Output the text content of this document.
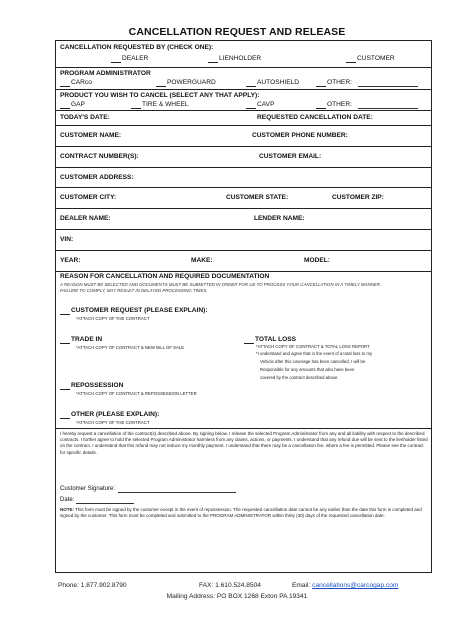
CANCELLATION REQUEST AND RELEASE
CANCELLATION REQUESTED BY (CHECK ONE):
DEALER	LIENHOLDER	CUSTOMER
PROGRAM ADMINISTRATOR
CARco	POWERGUARD	AUTOSHIELD	OTHER:
PRODUCT YOU WISH TO CANCEL (SELECT ANY THAT APPLY):
GAP	TIRE & WHEEL	CAVP	OTHER:
TODAY'S DATE:	REQUESTED CANCELLATION DATE:
CUSTOMER NAME:	CUSTOMER PHONE NUMBER:
CONTRACT NUMBER(S):	CUSTOMER EMAIL:
CUSTOMER ADDRESS:
CUSTOMER CITY:	CUSTOMER STATE:	CUSTOMER ZIP:
DEALER NAME:	LENDER NAME:
VIN:
YEAR:	MAKE:	MODEL:
REASON FOR CANCELLATION AND REQUIRED DOCUMENTATION
A REASON MUST BE SELECTED AND DOCUMENTS MUST BE SUBMITTED IN ORDER FOR US TO PROCESS YOUR CANCELLATION IN A TIMELY MANNER.
FAILURE TO COMPLY, MAY RESULT IN DELAYED PROCESSING TIMES.
CUSTOMER REQUEST (PLEASE EXPLAIN):
*ATTACH COPY OF THE CONTRACT
TRADE IN
*ATTACH COPY OF CONTRACT & NEW BILL OF SALE
TOTAL LOSS
*ATTACH COPY OF CONTRACT & TOTAL LOSS REPORT
*I understand and agree that in the event of a total loss to my
Vehicle after this coverage has been cancelled, I will be
Responsible for any amounts that also have been
covered by the contract described above.
REPOSSESSION
*ATTACH COPY OF CONTRACT & REPOSSESSION LETTER
OTHER (PLEASE EXPLAIN):
*ATTACH COPY OF THE CONTRACT
I hereby request a cancellation of the contract(s) described above. By signing below, I release the selected Program Administrator from any and all liability with respect to the described contracts. I further agree to hold the selected Program Administrator harmless from any claims, actions, or payments. I understand that any refund due will be sent to the lienholder listed on the contract. I understand that this refund may not reduce my monthly payment. I understand that there may be a cancellation fee, where a fee is permitted. Please see the contract for specific details.
Customer Signature:
Date:
NOTE: This form must be signed by the customer except in the event of repossession. The requested cancellation date cannot be any earlier than the date this form is completed and signed by the customer. This form must be completed and submitted to the PROGRAM ADMINISTRATOR within thirty (30) days of the requested cancellation date.
Phone: 1.877.902.8790	FAX: 1.610.524.8504	Email: cancellations@carcogap.com
Mailing Address: PO BOX 1268 Exton PA 19341
